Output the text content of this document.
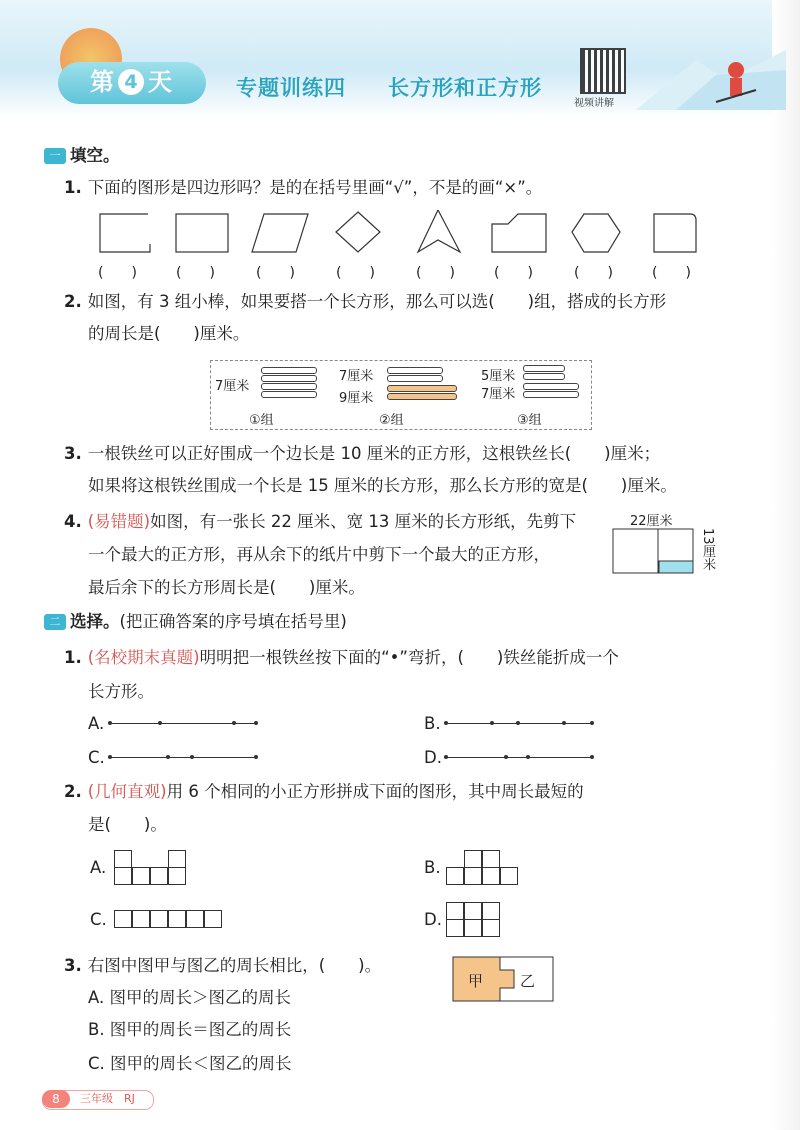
第 4 天	专题训练四 长方形和正方形
视频讲解
一 填空。
1. 下面的图形是四边形吗？是的在括号里画“√”，不是的画“×”。
(　　)	(　　)	(　　)	(　　)	(　　)	(　　)	(　　)	(　　)
2. 如图，有 3 组小棒，如果要搭一个长方形，那么可以选(　　)组，搭成的长方形
的周长是(　　)厘米。
7厘米
①组
7厘米
9厘米
②组
5厘米
7厘米
③组
3. 一根铁丝可以正好围成一个边长是 10 厘米的正方形，这根铁丝长(　　)厘米；
如果将这根铁丝围成一个长是 15 厘米的长方形，那么长方形的宽是(　　)厘米。
4. (易错题)如图，有一张长 22 厘米、宽 13 厘米的长方形纸，先剪下
一个最大的正方形，再从余下的纸片中剪下一个最大的正方形，
最后余下的长方形周长是(　　)厘米。
22厘米
13厘米
二 选择。(把正确答案的序号填在括号里)
1. (名校期末真题)明明把一根铁丝按下面的“•”弯折，(　　)铁丝能折成一个
长方形。
A.	B.
C.	D.
2. (几何直观)用 6 个相同的小正方形拼成下面的图形，其中周长最短的
是(　　)。
A.	B.
C.	D.
3. 右图中图甲与图乙的周长相比，(　　)。
A. 图甲的周长＞图乙的周长
B. 图甲的周长＝图乙的周长
C. 图甲的周长＜图乙的周长
甲 乙
8	三年级　RJ
